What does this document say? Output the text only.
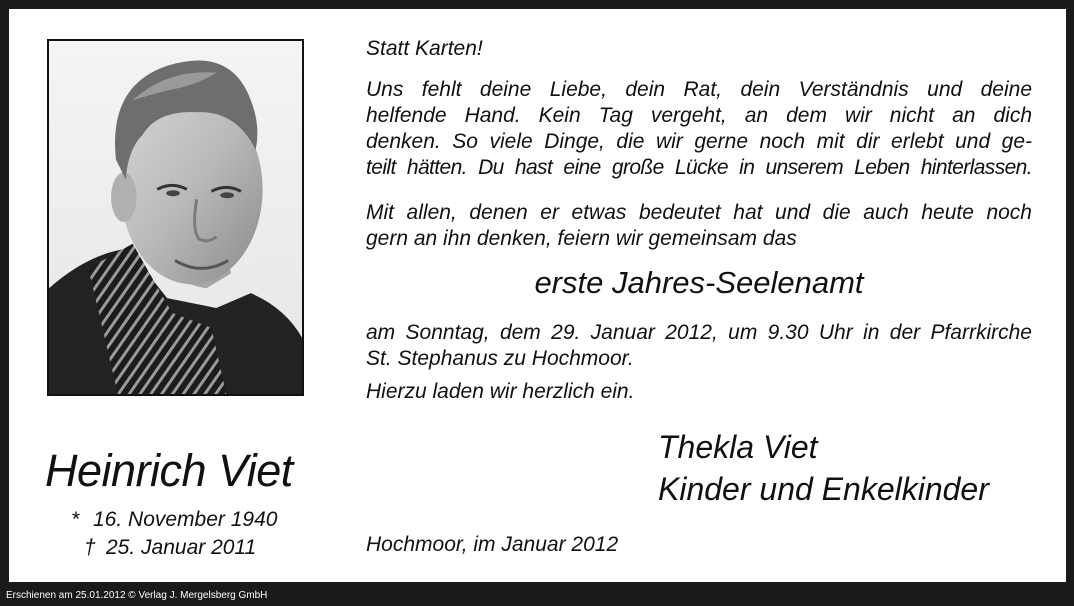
Heinrich Viet
* 16. November 1940
† 25. Januar 2011
Statt Karten!
Uns fehlt deine Liebe, dein Rat, dein Verständnis und deine
helfende Hand. Kein Tag vergeht, an dem wir nicht an dich
denken. So viele Dinge, die wir gerne noch mit dir erlebt und ge-
teilt hätten. Du hast eine große Lücke in unserem Leben hinterlassen.
Mit allen, denen er etwas bedeutet hat und die auch heute noch
gern an ihn denken, feiern wir gemeinsam das
erste Jahres-Seelenamt
am Sonntag, dem 29. Januar 2012, um 9.30 Uhr in der Pfarrkirche
St. Stephanus zu Hochmoor.
Hierzu laden wir herzlich ein.
Thekla Viet
Kinder und Enkelkinder
Hochmoor, im Januar 2012
Erschienen am 25.01.2012 © Verlag J. Mergelsberg GmbH
